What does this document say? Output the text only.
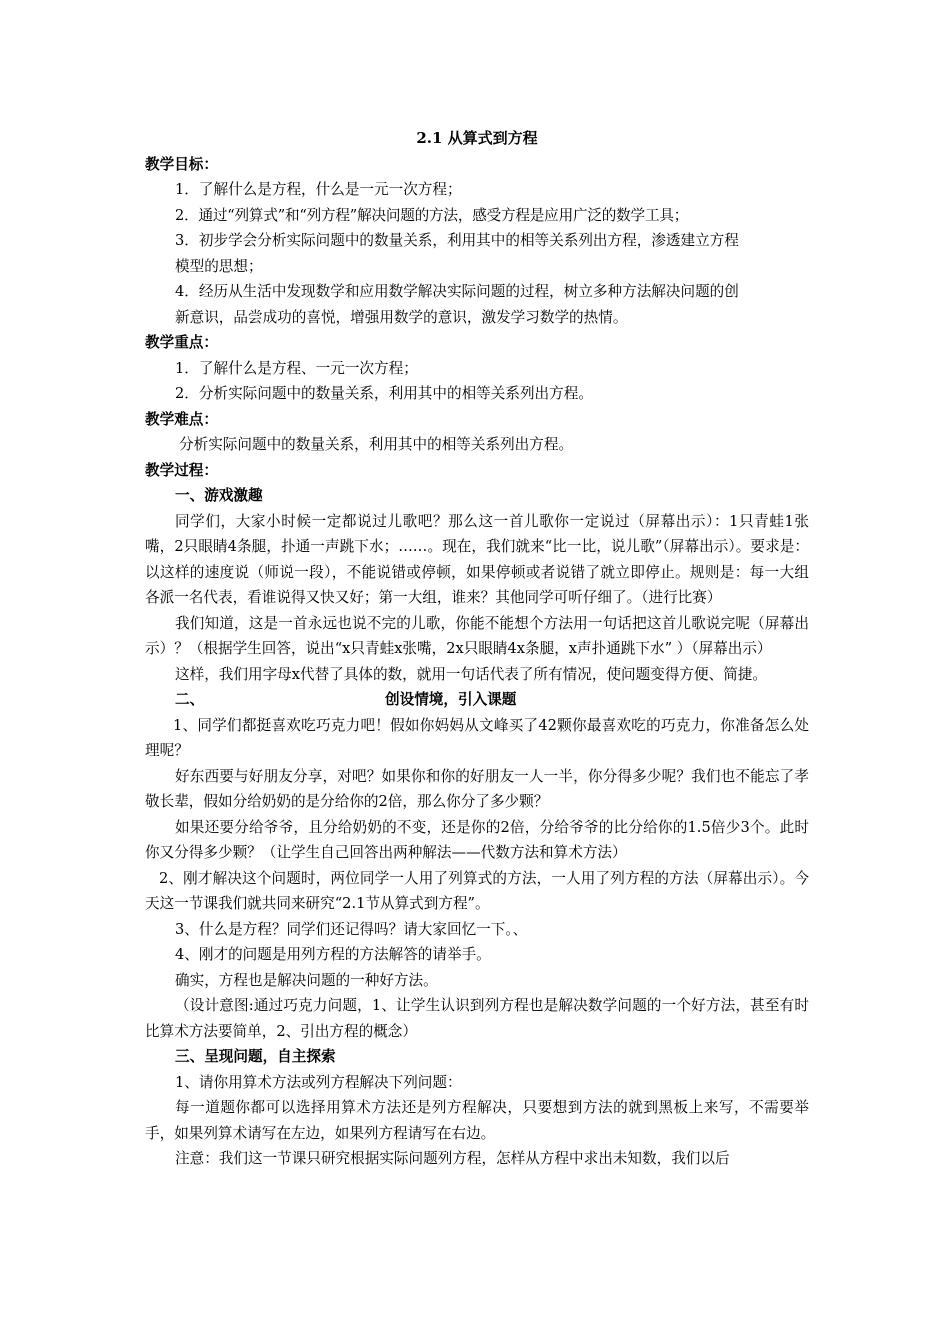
2.1 从算式到方程

教学目标：

1．了解什么是方程，什么是一元一次方程；

2．通过“列算式”和“列方程”解决问题的方法，感受方程是应用广泛的数学工具；

3．初步学会分析实际问题中的数量关系，利用其中的相等关系列出方程，渗透建立方程

模型的思想；

4．经历从生活中发现数学和应用数学解决实际问题的过程，树立多种方法解决问题的创

新意识，品尝成功的喜悦，增强用数学的意识，激发学习数学的热情。

教学重点：

1．了解什么是方程、一元一次方程；

2．分析实际问题中的数量关系，利用其中的相等关系列出方程。

教学难点：

分析实际问题中的数量关系，利用其中的相等关系列出方程。

教学过程：

一、游戏激趣

同学们，大家小时候一定都说过儿歌吧？那么这一首儿歌你一定说过（屏幕出示）：1只青蛙1张嘴，2只眼睛4条腿，扑通一声跳下水；……。现在，我们就来“比一比，说儿歌”（屏幕出示）。要求是：以这样的速度说（师说一段），不能说错或停顿，如果停顿或者说错了就立即停止。规则是：每一大组各派一名代表，看谁说得又快又好；第一大组，谁来？其他同学可听仔细了。（进行比赛）

我们知道，这是一首永远也说不完的儿歌，你能不能想个方法用一句话把这首儿歌说完呢（屏幕出示）？（根据学生回答，说出“x只青蛙x张嘴，2x只眼睛4x条腿，x声扑通跳下水” ）（屏幕出示）

这样，我们用字母x代替了具体的数，就用一句话代表了所有情况，使问题变得方便、简捷。

二、	创设情境，引入课题

1、同学们都挺喜欢吃巧克力吧！假如你妈妈从文峰买了42颗你最喜欢吃的巧克力，你准备怎么处理呢？

好东西要与好朋友分享，对吧？如果你和你的好朋友一人一半，你分得多少呢？我们也不能忘了孝敬长辈，假如分给奶奶的是分给你的2倍，那么你分了多少颗？

如果还要分给爷爷，且分给奶奶的不变，还是你的2倍，分给爷爷的比分给你的1.5倍少3个。此时你又分得多少颗？（让学生自己回答出两种解法——代数方法和算术方法）

2、刚才解决这个问题时，两位同学一人用了列算式的方法，一人用了列方程的方法（屏幕出示）。今天这一节课我们就共同来研究“2.1节从算式到方程”。

3、什么是方程？同学们还记得吗？请大家回忆一下。、

4、刚才的问题是用列方程的方法解答的请举手。

确实，方程也是解决问题的一种好方法。

（设计意图:通过巧克力问题，1、让学生认识到列方程也是解决数学问题的一个好方法，甚至有时比算术方法要简单，2、引出方程的概念）

三、呈现问题，自主探索

1、请你用算术方法或列方程解决下列问题：

每一道题你都可以选择用算术方法还是列方程解决，只要想到方法的就到黑板上来写，不需要举手，如果列算术请写在左边，如果列方程请写在右边。

注意：我们这一节课只研究根据实际问题列方程，怎样从方程中求出未知数，我们以后
